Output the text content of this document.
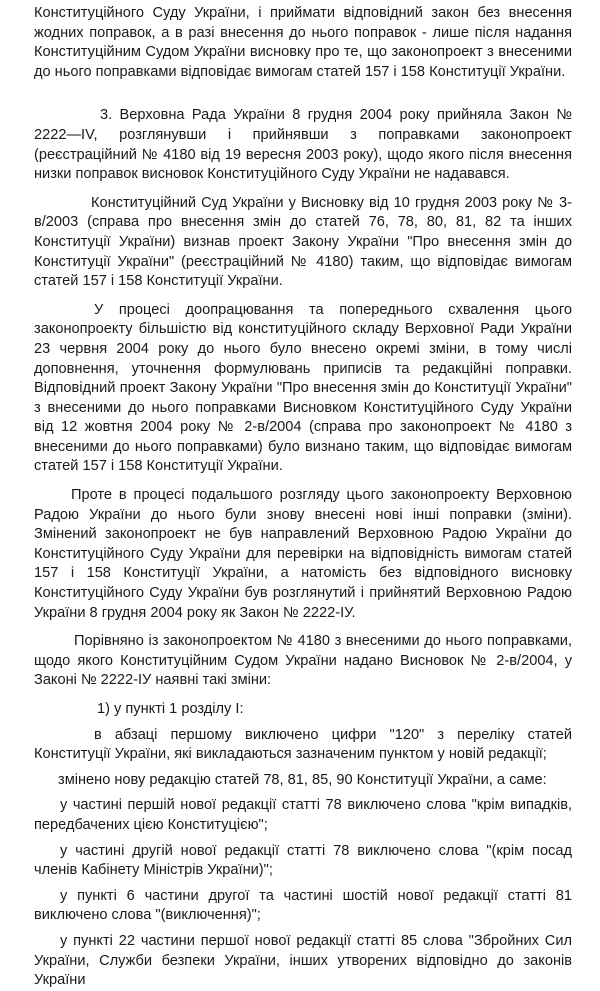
Конституційного Суду України, і приймати відповідний закон без внесення жодних поправок, а в разі внесення до нього поправок - лише після надання Конституційним Судом України висновку про те, що законопроект з внесеними до нього поправками відповідає вимогам статей 157 і 158 Конституції України.

3. Верховна Рада України 8 грудня 2004 року прийняла Закон № 2222—IV, розглянувши і прийнявши з поправками законопроект (реєстраційний № 4180 від 19 вересня 2003 року), щодо якого після внесення низки поправок висновок Конституційного Суду України не надавався.

Конституційний Суд України у Висновку від 10 грудня 2003 року № 3-в/2003 (справа про внесення змін до статей 76, 78, 80, 81, 82 та інших Конституції України) визнав проект Закону України "Про внесення змін до Конституції України" (реєстраційний № 4180) таким, що відповідає вимогам статей 157 і 158 Конституції України.

У процесі доопрацювання та попереднього схвалення цього законопроекту більшістю від конституційного складу Верховної Ради України 23 червня 2004 року до нього було внесено окремі зміни, в тому числі доповнення, уточнення формулювань приписів та редакційні поправки. Відповідний проект Закону України "Про внесення змін до Конституції України" з внесеними до нього поправками Висновком Конституційного Суду України від 12 жовтня 2004 року № 2-в/2004 (справа про законопроект № 4180 з внесеними до нього поправками) було визнано таким, що відповідає вимогам статей 157 і 158 Конституції України.

Проте в процесі подальшого розгляду цього законопроекту Верховною Радою України до нього були знову внесені нові інші поправки (зміни). Змінений законопроект не був направлений Верховною Радою України до Конституційного Суду України для перевірки на відповідність вимогам статей 157 і 158 Конституції України, а натомість без відповідного висновку Конституційного Суду України був розглянутий і прийнятий Верховною Радою України 8 грудня 2004 року як Закон № 2222-ІУ.

Порівняно із законопроектом № 4180 з внесеними до нього поправками, щодо якого Конституційним Судом України надано Висновок № 2-в/2004, у Законі № 2222-ІУ наявні такі зміни:

1) у пункті 1 розділу І:

в абзаці першому виключено цифри "120" з переліку статей Конституції України, які викладаються зазначеним пунктом у новій редакції;

змінено нову редакцію статей 78, 81, 85, 90 Конституції України, а саме:

у частині першій нової редакції статті 78 виключено слова "крім випадків, передбачених цією Конституцією";

у частині другій нової редакції статті 78 виключено слова "(крім посад членів Кабінету Міністрів України)";

у пункті 6 частини другої та частині шостій нової редакції статті 81 виключено слова "(виключення)";

у пункті 22 частини першої нової редакції статті 85 слова "Збройних Сил України, Служби безпеки України, інших утворених відповідно до законів України
